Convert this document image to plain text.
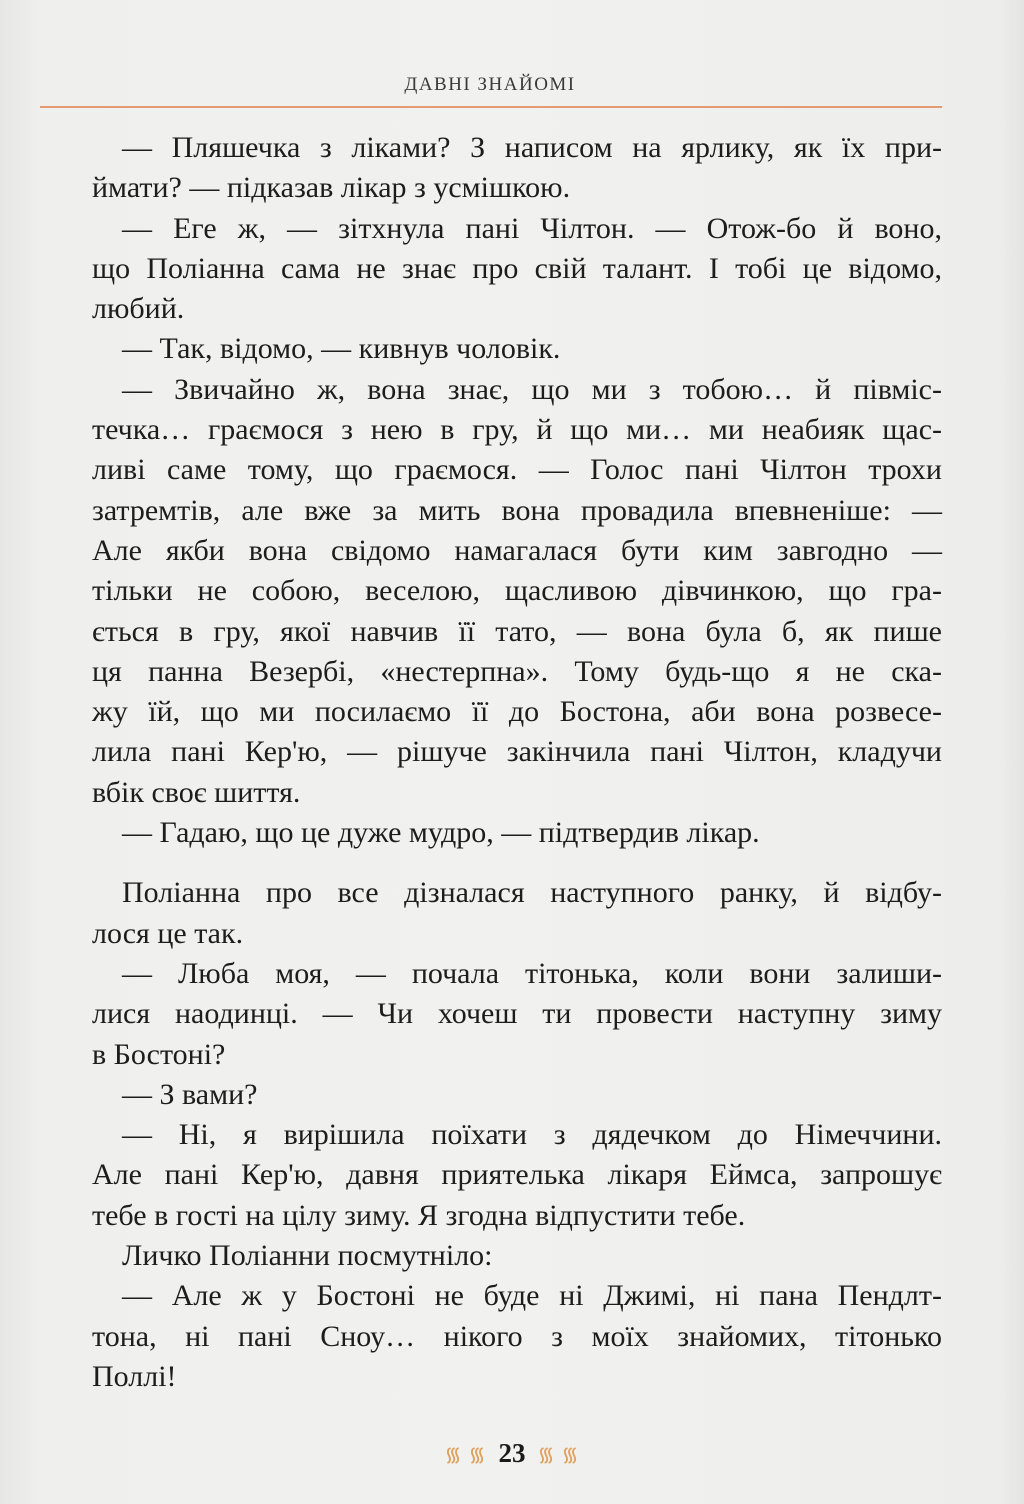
ДАВНІ ЗНАЙОМІ
— Пляшечка з ліками? З написом на ярлику, як їх при-
ймати? — підказав лікар з усмішкою.
— Еге ж, — зітхнула пані Чілтон. — Отож-бо й воно,
що Поліанна сама не знає про свій талант. І тобі це відомо,
любий.
— Так, відомо, — кивнув чоловік.
— Звичайно ж, вона знає, що ми з тобою… й півміс-
течка… граємося з нею в гру, й що ми… ми неабияк щас-
ливі саме тому, що граємося. — Голос пані Чілтон трохи
затремтів, але вже за мить вона провадила впевненіше: —
Але якби вона свідомо намагалася бути ким завгодно —
тільки не собою, веселою, щасливою дівчинкою, що гра-
ється в гру, якої навчив її тато, — вона була б, як пише
ця панна Везербі, «нестерпна». Тому будь-що я не ска-
жу їй, що ми посилаємо її до Бостона, аби вона розвесе-
лила пані Кер'ю, — рішуче закінчила пані Чілтон, кладучи
вбік своє шиття.
— Гадаю, що це дуже мудро, — підтвердив лікар.
Поліанна про все дізналася наступного ранку, й відбу-
лося це так.
— Люба моя, — почала тітонька, коли вони залиши-
лися наодинці. — Чи хочеш ти провести наступну зиму
в Бостоні?
— З вами?
— Ні, я вирішила поїхати з дядечком до Німеччини.
Але пані Кер'ю, давня приятелька лікаря Еймса, запрошує
тебе в гості на цілу зиму. Я згодна відпустити тебе.
Личко Поліанни посмутніло:
— Але ж у Бостоні не буде ні Джимі, ні пана Пендлт-
тона, ні пані Сноу… нікого з моїх знайомих, тітонько
Поллі!
᯾ ᯾ 23 ᯾ ᯾
